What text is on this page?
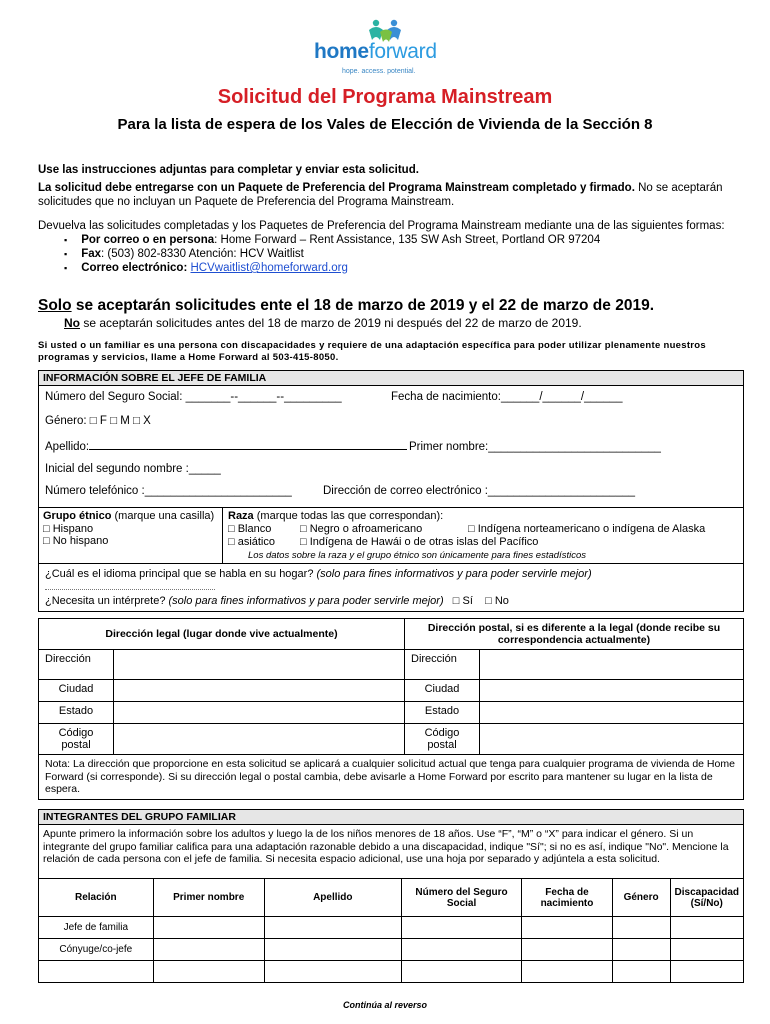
homeforward
hope. access. potential.
Solicitud del Programa Mainstream
Para la lista de espera de los Vales de Elección de Vivienda de la Sección 8
Use las instrucciones adjuntas para completar y enviar esta solicitud.
La solicitud debe entregarse con un Paquete de Preferencia del Programa Mainstream completado y firmado. No se aceptarán solicitudes que no incluyan un Paquete de Preferencia del Programa Mainstream.
Devuelva las solicitudes completadas y los Paquetes de Preferencia del Programa Mainstream mediante una de las siguientes formas:
▪ Por correo o en persona: Home Forward – Rent Assistance, 135 SW Ash Street, Portland OR 97204
▪ Fax: (503) 802-8330 Atención: HCV Waitlist
▪ Correo electrónico: HCVwaitlist@homeforward.org
Solo se aceptarán solicitudes ente el 18 de marzo de 2019 y el 22 de marzo de 2019.
No se aceptarán solicitudes antes del 18 de marzo de 2019 ni después del 22 de marzo de 2019.
Si usted o un familiar es una persona con discapacidades y requiere de una adaptación específica para poder utilizar plenamente nuestros programas y servicios, llame a Home Forward al 503-415-8050.
INFORMACIÓN SOBRE EL JEFE DE FAMILIA
Número del Seguro Social: _______--______--_________	Fecha de nacimiento:______/______/______
Género: □ F □ M □ X
Apellido:	Primer nombre:___________________________
Inicial del segundo nombre :_____
Número telefónico :_______________________	Dirección de correo electrónico :_______________________
Grupo étnico (marque una casilla)
□ Hispano
□ No hispano
Raza (marque todas las que correspondan):
□ Blanco	□ Negro o afroamericano	□ Indígena norteamericano o indígena de Alaska
□ asiático □ Indígena de Hawái o de otras islas del Pacífico
Los datos sobre la raza y el grupo étnico son únicamente para fines estadísticos
¿Cuál es el idioma principal que se habla en su hogar? (solo para fines informativos y para poder servirle mejor)
¿Necesita un intérprete? (solo para fines informativos y para poder servirle mejor) □ Sí □ No
Dirección legal (lugar donde vive actualmente)		Dirección postal, si es diferente a la legal (donde recibe su correspondencia actualmente)	
Dirección		Dirección	
Ciudad		Ciudad	
Estado		Estado	
Código postal		Código postal	
Nota: La dirección que proporcione en esta solicitud se aplicará a cualquier solicitud actual que tenga para cualquier programa de vivienda de Home Forward (si corresponde). Si su dirección legal o postal cambia, debe avisarle a Home Forward por escrito para mantener su lugar en la lista de espera.			
INTEGRANTES DEL GRUPO FAMILIAR
Apunte primero la información sobre los adultos y luego la de los niños menores de 18 años. Use “F”, “M” o “X” para indicar el género. Si un integrante del grupo familiar califica para una adaptación razonable debido a una discapacidad, indique "Sí"; si no es así, indique "No". Mencione la relación de cada persona con el jefe de familia. Si necesita espacio adicional, use una hoja por separado y adjúntela a esta solicitud.
Relación	Primer nombre	Apellido	Número del Seguro Social	Fecha de nacimiento	Género	Discapacidad (Sí/No)
Jefe de familia						
Cónyuge/co-jefe						

Continúa al reverso
